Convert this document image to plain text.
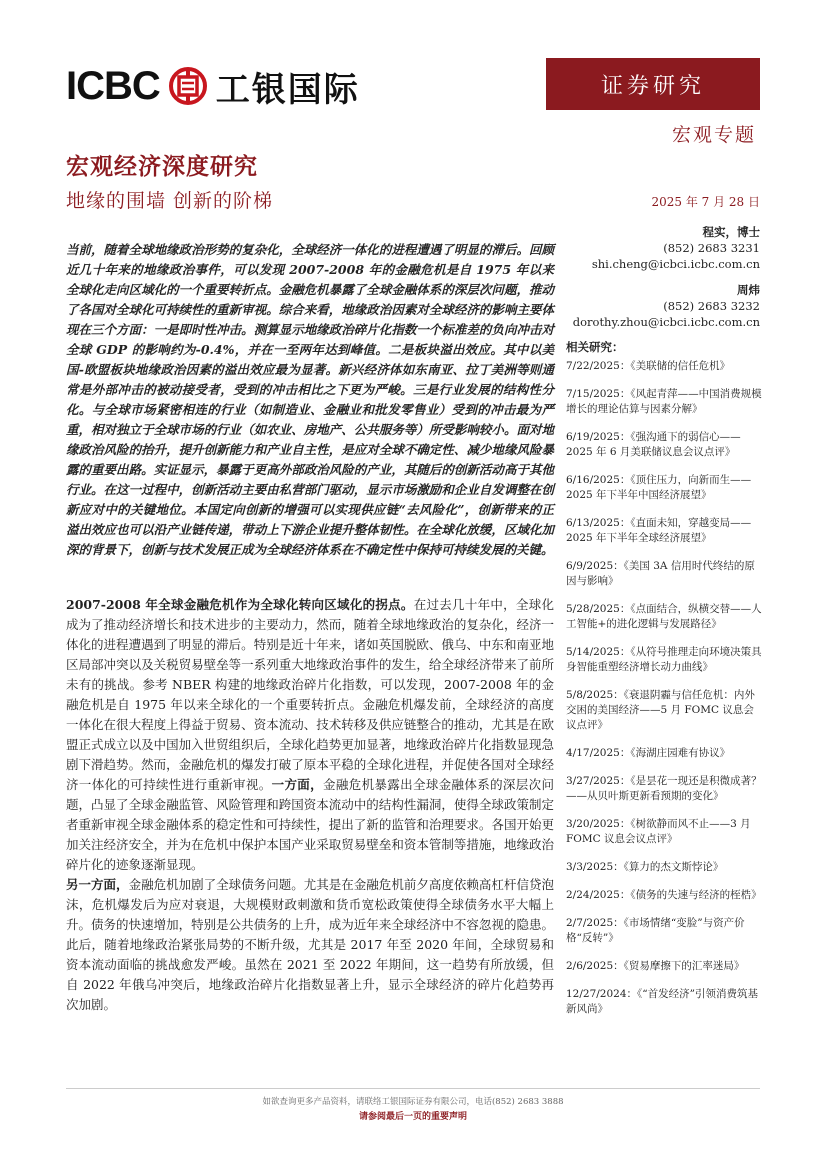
ICBC 工银国际	证券研究
宏观专题
宏观经济深度研究
地缘的围墙 创新的阶梯	2025 年 7 月 28 日
程实，博士
(852) 2683 3231
shi.cheng@icbci.icbc.com.cn
周炜
(852) 2683 3232
dorothy.zhou@icbci.icbc.com.cn
当前，随着全球地缘政治形势的复杂化，全球经济一体化的进程遭遇了明显的滞后。回顾近几十年来的地缘政治事件，可以发现 2007-2008 年的金融危机是自 1975 年以来全球化走向区域化的一个重要转折点。金融危机暴露了全球金融体系的深层次问题，推动了各国对全球化可持续性的重新审视。综合来看，地缘政治因素对全球经济的影响主要体现在三个方面：一是即时性冲击。测算显示地缘政治碎片化指数一个标准差的负向冲击对全球 GDP 的影响约为-0.4%，并在一至两年达到峰值。二是板块溢出效应。其中以美国-欧盟板块地缘政治因素的溢出效应最为显著。新兴经济体如东南亚、拉丁美洲等则通常是外部冲击的被动接受者，受到的冲击相比之下更为严峻。三是行业发展的结构性分化。与全球市场紧密相连的行业（如制造业、金融业和批发零售业）受到的冲击最为严重，相对独立于全球市场的行业（如农业、房地产、公共服务等）所受影响较小。面对地缘政治风险的抬升，提升创新能力和产业自主性，是应对全球不确定性、减少地缘风险暴露的重要出路。实证显示，暴露于更高外部政治风险的产业，其随后的创新活动高于其他行业。在这一过程中，创新活动主要由私营部门驱动，显示市场激励和企业自发调整在创新应对中的关键地位。本国定向创新的增强可以实现供应链“去风险化”，创新带来的正溢出效应也可以沿产业链传递，带动上下游企业提升整体韧性。在全球化放缓，区域化加深的背景下，创新与技术发展正成为全球经济体系在不确定性中保持可持续发展的关键。

2007-2008 年全球金融危机作为全球化转向区域化的拐点。在过去几十年中，全球化成为了推动经济增长和技术进步的主要动力，然而，随着全球地缘政治的复杂化，经济一体化的进程遭遇到了明显的滞后。特别是近十年来，诸如英国脱欧、俄乌、中东和南亚地区局部冲突以及关税贸易壁垒等一系列重大地缘政治事件的发生，给全球经济带来了前所未有的挑战。参考 NBER 构建的地缘政治碎片化指数，可以发现，2007-2008 年的金融危机是自 1975 年以来全球化的一个重要转折点。金融危机爆发前，全球经济的高度一体化在很大程度上得益于贸易、资本流动、技术转移及供应链整合的推动，尤其是在欧盟正式成立以及中国加入世贸组织后，全球化趋势更加显著，地缘政治碎片化指数显现急剧下滑趋势。然而，金融危机的爆发打破了原本平稳的全球化进程，并促使各国对全球经济一体化的可持续性进行重新审视。一方面，金融危机暴露出全球金融体系的深层次问题，凸显了全球金融监管、风险管理和跨国资本流动中的结构性漏洞，使得全球政策制定者重新审视全球金融体系的稳定性和可持续性，提出了新的监管和治理要求。各国开始更加关注经济安全，并为在危机中保护本国产业采取贸易壁垒和资本管制等措施，地缘政治碎片化的迹象逐渐显现。

另一方面，金融危机加剧了全球债务问题。尤其是在金融危机前夕高度依赖高杠杆信贷泡沫，危机爆发后为应对衰退，大规模财政刺激和货币宽松政策使得全球债务水平大幅上升。债务的快速增加，特别是公共债务的上升，成为近年来全球经济中不容忽视的隐患。此后，随着地缘政治紧张局势的不断升级，尤其是 2017 年至 2020 年间，全球贸易和资本流动面临的挑战愈发严峻。虽然在 2021 至 2022 年期间，这一趋势有所放缓，但自 2022 年俄乌冲突后，地缘政治碎片化指数显著上升，显示全球经济的碎片化趋势再次加剧。

相关研究：
7/22/2025：《美联储的信任危机》
7/15/2025：《风起青萍——中国消费规模增长的理论估算与因素分解》
6/19/2025：《强沟通下的弱信心——2025 年 6 月美联储议息会议点评》
6/16/2025：《顶住压力，向新而生——2025 年下半年中国经济展望》
6/13/2025：《直面未知，穿越变局——2025 年下半年全球经济展望》
6/9/2025：《美国 3A 信用时代终结的原因与影响》
5/28/2025：《点面结合，纵横交替——人工智能+的进化逻辑与发展路径》
5/14/2025：《从符号推理走向环境决策具身智能重塑经济增长动力曲线》
5/8/2025：《衰退阴霾与信任危机：内外交困的美国经济——5 月 FOMC 议息会议点评》
4/17/2025：《海湖庄园难有协议》
3/27/2025：《是昙花一现还是积微成著？——从贝叶斯更新看预期的变化》
3/20/2025：《树欲静而风不止——3 月 FOMC 议息会议点评》
3/3/2025：《算力的杰文斯悖论》
2/24/2025：《债务的失速与经济的桎梏》
2/7/2025：《市场情绪“变脸”与资产价格“反转”》
2/6/2025：《贸易摩擦下的汇率迷局》
12/27/2024：《“首发经济”引领消费筑基新风尚》
如欲查询更多产品资料，请联络工银国际证券有限公司，电话(852) 2683 3888
请参阅最后一页的重要声明
